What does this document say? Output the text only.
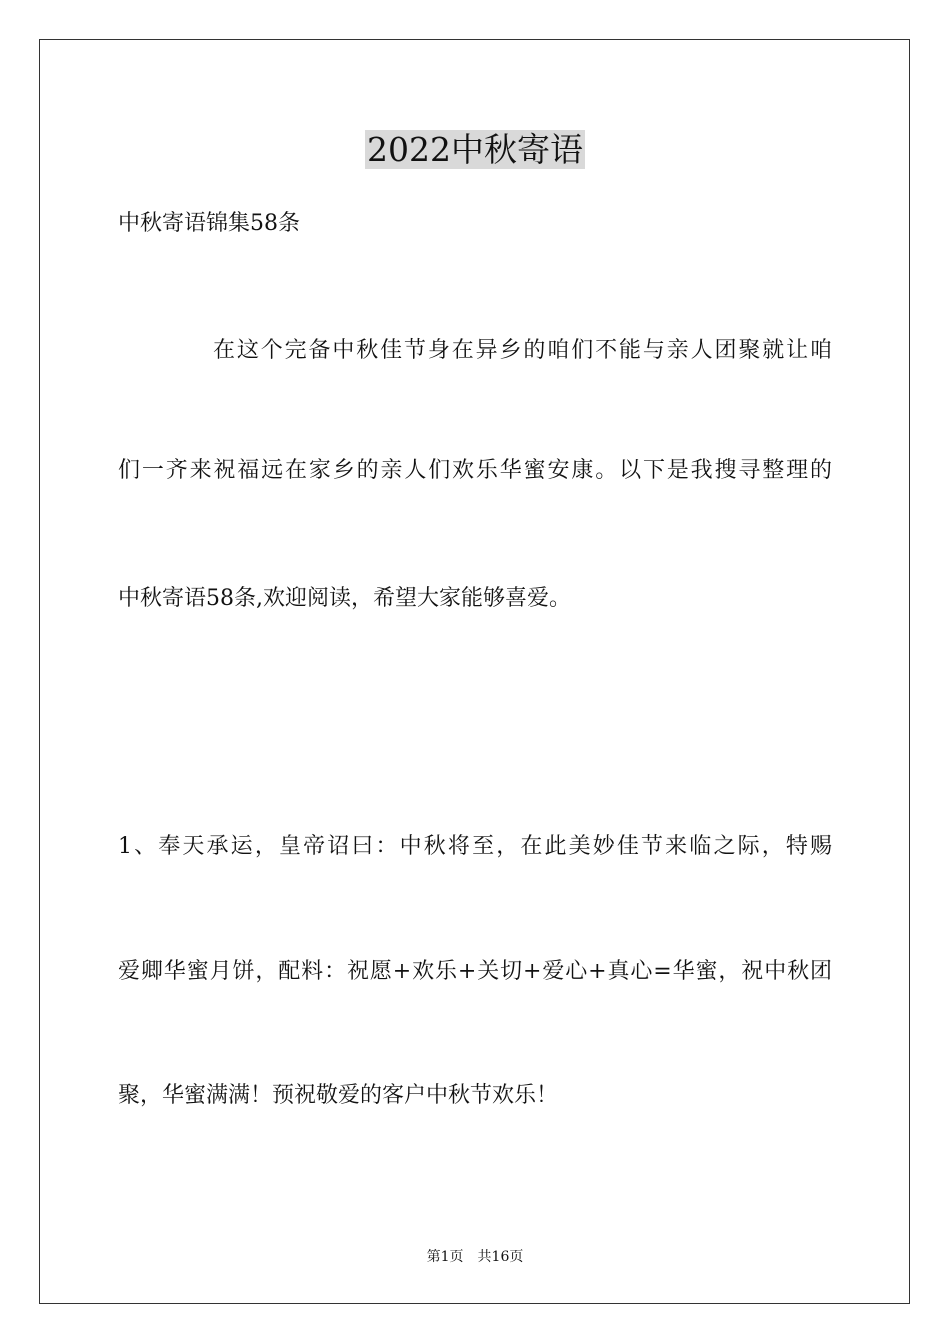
2022中秋寄语
中秋寄语锦集58条
在这个完备中秋佳节身在异乡的咱们不能与亲人团聚就让咱
们一齐来祝福远在家乡的亲人们欢乐华蜜安康。以下是我搜寻整理的
中秋寄语58条,欢迎阅读，希望大家能够喜爱。
1、奉天承运，皇帝诏曰：中秋将至，在此美妙佳节来临之际，特赐
爱卿华蜜月饼，配料：祝愿+欢乐+关切+爱心+真心=华蜜，祝中秋团
聚，华蜜满满！预祝敬爱的客户中秋节欢乐！
第1页 共16页
